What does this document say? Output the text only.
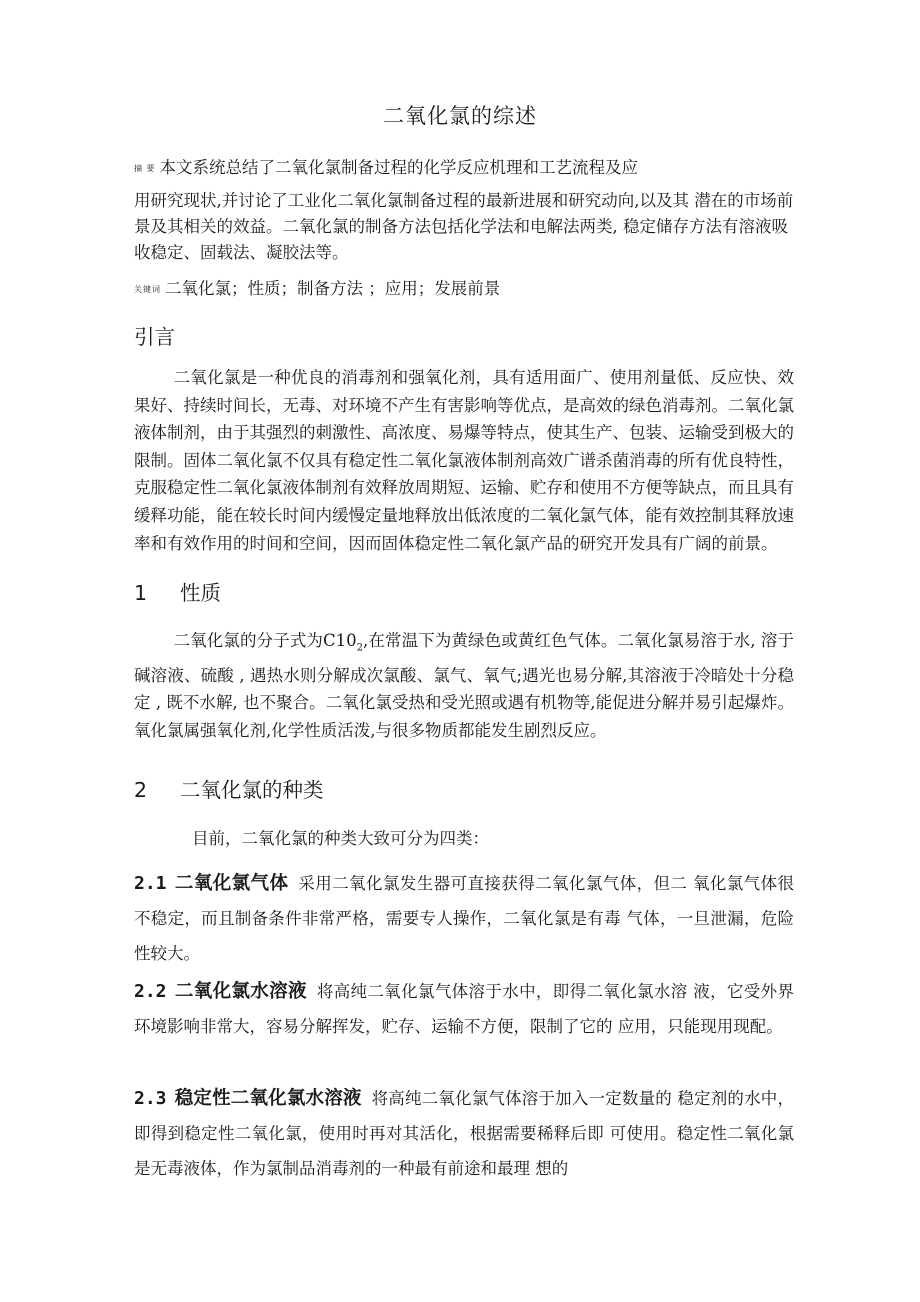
二氧化氯的综述
摘 要 本文系统总结了二氧化氯制备过程的化学反应机理和工艺流程及应
用研究现状,并讨论了工业化二氧化氯制备过程的最新进展和研究动向,以及其 潜在的市场前景及其相关的效益。二氧化氯的制备方法包括化学法和电解法两类, 稳定储存方法有溶液吸收稳定、固载法、凝胶法等。
关键词 二氧化氯；性质；制备方法 ；应用；发展前景
引言
二氧化氯是一种优良的消毒剂和强氧化剂，具有适用面广、使用剂量低、反应快、效果好、持续时间长，无毒、对环境不产生有害影响等优点，是高效的绿色消毒剂。二氧化氯液体制剂，由于其强烈的刺激性、高浓度、易爆等特点，使其生产、包装、运输受到极大的限制。固体二氧化氯不仅具有稳定性二氧化氯液体制剂高效广谱杀菌消毒的所有优良特性，克服稳定性二氧化氯液体制剂有效释放周期短、运输、贮存和使用不方便等缺点，而且具有缓释功能，能在较长时间内缓慢定量地释放出低浓度的二氧化氯气体，能有效控制其释放速率和有效作用的时间和空间，因而固体稳定性二氧化氯产品的研究开发具有广阔的前景。
1 性质
二氧化氯的分子式为$C10_2$,在常温下为黄绿色或黄红色气体。二氧化氯易溶于水, 溶于碱溶液、硫酸 , 遇热水则分解成次氯酸、氯气、氧气;遇光也易分解,其溶液于冷暗处十分稳定 , 既不水解, 也不聚合。二氧化氯受热和受光照或遇有机物等,能促进分解并易引起爆炸。氧化氯属强氧化剂,化学性质活泼,与很多物质都能发生剧烈反应。
2 二氧化氯的种类
目前，二氧化氯的种类大致可分为四类：
2.1 二氧化氯气体 采用二氧化氯发生器可直接获得二氧化氯气体，但二 氧化氯气体很不稳定，而且制备条件非常严格，需要专人操作，二氧化氯是有毒 气体，一旦泄漏，危险性较大。
2.2 二氧化氯水溶液 将高纯二氧化氯气体溶于水中，即得二氧化氯水溶 液，它受外界环境影响非常大，容易分解挥发，贮存、运输不方便，限制了它的 应用，只能现用现配。
2.3 稳定性二氧化氯水溶液 将高纯二氧化氯气体溶于加入一定数量的 稳定剂的水中，即得到稳定性二氧化氯，使用时再对其活化，根据需要稀释后即 可使用。稳定性二氧化氯是无毒液体，作为氯制品消毒剂的一种最有前途和最理 想的
